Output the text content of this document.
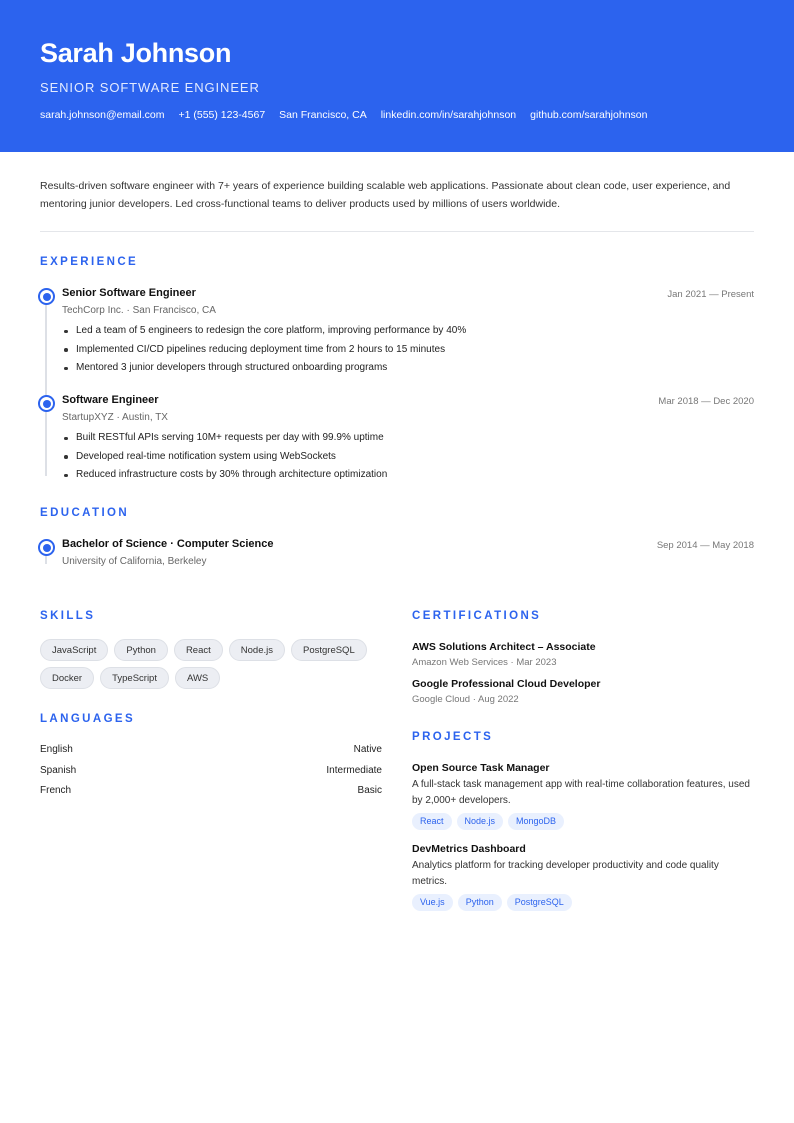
Sarah Johnson
SENIOR SOFTWARE ENGINEER
sarah.johnson@email.com +1 (555) 123-4567 San Francisco, CA linkedin.com/in/sarahjohnson github.com/sarahjohnson
Results-driven software engineer with 7+ years of experience building scalable web applications. Passionate about clean code, user experience, and mentoring junior developers. Led cross-functional teams to deliver products used by millions of users worldwide.
EXPERIENCE
Senior Software Engineer	Jan 2021 — Present
TechCorp Inc. · San Francisco, CA
Led a team of 5 engineers to redesign the core platform, improving performance by 40%
Implemented CI/CD pipelines reducing deployment time from 2 hours to 15 minutes
Mentored 3 junior developers through structured onboarding programs
Software Engineer	Mar 2018 — Dec 2020
StartupXYZ · Austin, TX
Built RESTful APIs serving 10M+ requests per day with 99.9% uptime
Developed real-time notification system using WebSockets
Reduced infrastructure costs by 30% through architecture optimization
EDUCATION
Bachelor of Science · Computer Science	Sep 2014 — May 2018
University of California, Berkeley
SKILLS
JavaScript	Python	React	Node.js	PostgreSQL
Docker	TypeScript	AWS
LANGUAGES
English	Native
Spanish	Intermediate
French	Basic
CERTIFICATIONS
AWS Solutions Architect – Associate
Amazon Web Services · Mar 2023
Google Professional Cloud Developer
Google Cloud · Aug 2022
PROJECTS
Open Source Task Manager
A full-stack task management app with real-time collaboration features, used by 2,000+ developers.
React	Node.js	MongoDB
DevMetrics Dashboard
Analytics platform for tracking developer productivity and code quality metrics.
Vue.js	Python	PostgreSQL
